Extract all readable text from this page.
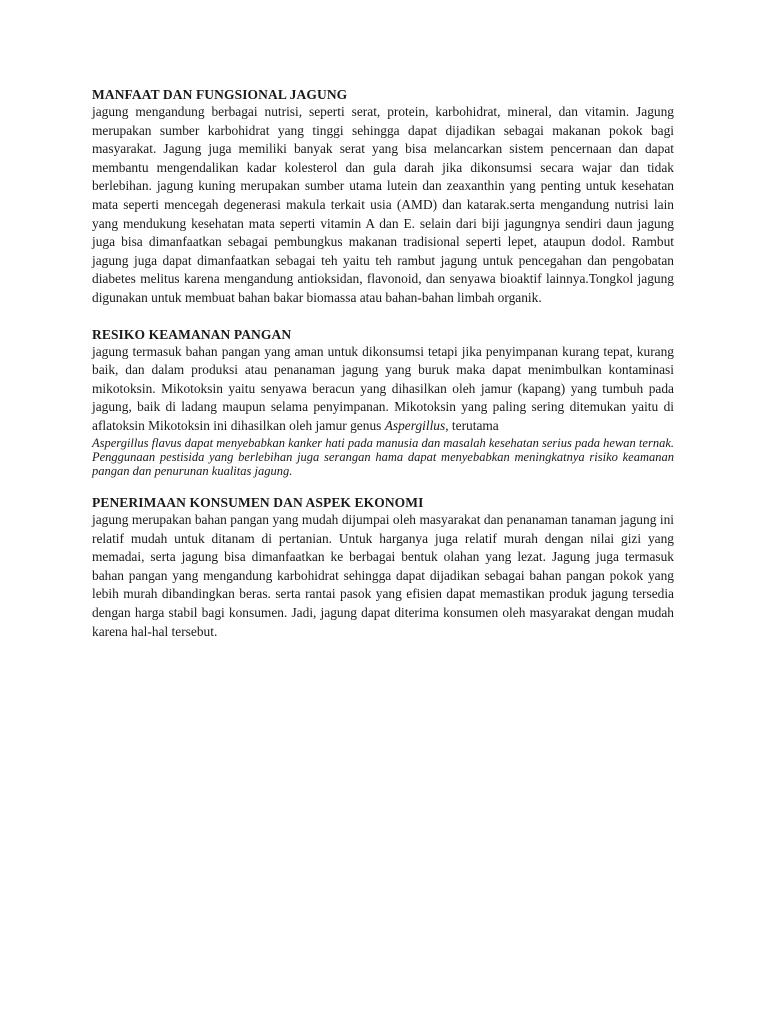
MANFAAT DAN FUNGSIONAL JAGUNG

jagung mengandung berbagai nutrisi, seperti serat, protein, karbohidrat, mineral, dan vitamin. Jagung merupakan sumber karbohidrat yang tinggi sehingga dapat dijadikan sebagai makanan pokok bagi masyarakat. Jagung juga memiliki banyak serat yang bisa melancarkan sistem pencernaan dan dapat membantu mengendalikan kadar kolesterol dan gula darah jika dikonsumsi secara wajar dan tidak berlebihan. jagung kuning merupakan sumber utama lutein dan zeaxanthin yang penting untuk kesehatan mata seperti mencegah degenerasi makula terkait usia (AMD) dan katarak.serta mengandung nutrisi lain yang mendukung kesehatan mata seperti vitamin A dan E. selain dari biji jagungnya sendiri daun jagung juga bisa dimanfaatkan sebagai pembungkus makanan tradisional seperti lepet, ataupun dodol. Rambut jagung juga dapat dimanfaatkan sebagai teh yaitu teh rambut jagung untuk pencegahan dan pengobatan diabetes melitus karena mengandung antioksidan, flavonoid, dan senyawa bioaktif lainnya.Tongkol jagung digunakan untuk membuat bahan bakar biomassa atau bahan-bahan limbah organik.

RESIKO KEAMANAN PANGAN

jagung termasuk bahan pangan yang aman untuk dikonsumsi tetapi jika penyimpanan kurang tepat, kurang baik, dan dalam produksi atau penanaman jagung yang buruk maka dapat menimbulkan kontaminasi mikotoksin. Mikotoksin yaitu senyawa beracun yang dihasilkan oleh jamur (kapang) yang tumbuh pada jagung, baik di ladang maupun selama penyimpanan. Mikotoksin yang paling sering ditemukan yaitu di aflatoksin Mikotoksin ini dihasilkan oleh jamur genus Aspergillus, terutama

Aspergillus flavus dapat menyebabkan kanker hati pada manusia dan masalah kesehatan serius pada hewan ternak. Penggunaan pestisida yang berlebihan juga serangan hama dapat menyebabkan meningkatnya risiko keamanan pangan dan penurunan kualitas jagung.

PENERIMAAN KONSUMEN DAN ASPEK EKONOMI

jagung merupakan bahan pangan yang mudah dijumpai oleh masyarakat dan penanaman tanaman jagung ini relatif mudah untuk ditanam di pertanian. Untuk harganya juga relatif murah dengan nilai gizi yang memadai, serta jagung bisa dimanfaatkan ke berbagai bentuk olahan yang lezat. Jagung juga termasuk bahan pangan yang mengandung karbohidrat sehingga dapat dijadikan sebagai bahan pangan pokok yang lebih murah dibandingkan beras. serta rantai pasok yang efisien dapat memastikan produk jagung tersedia dengan harga stabil bagi konsumen. Jadi, jagung dapat diterima konsumen oleh masyarakat dengan mudah karena hal-hal tersebut.
